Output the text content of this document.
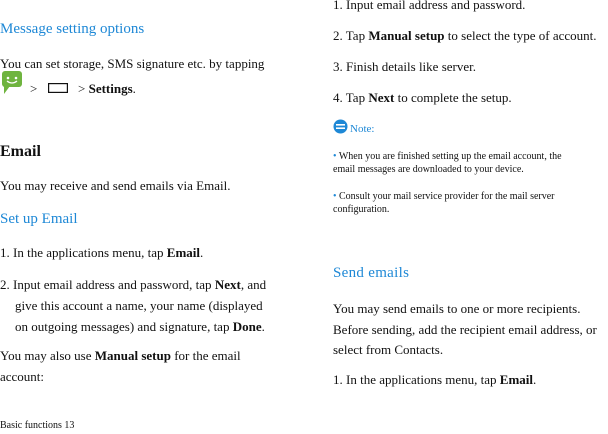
Message setting options
You can set storage, SMS signature etc. by tapping
>	> Settings.
Email
You may receive and send emails via Email.
Set up Email
1. In the applications menu, tap Email.
2. Input email address and password, tap Next, and
give this account a name, your name (displayed
on outgoing messages) and signature, tap Done.
You may also use Manual setup for the email
account:
Basic functions 13
1. Input email address and password.
2. Tap Manual setup to select the type of account.
3. Finish details like server.
4. Tap Next to complete the setup.
Note:
• When you are finished setting up the email account, the
email messages are downloaded to your device.
• Consult your mail service provider for the mail server
configuration.
Send emails
You may send emails to one or more recipients.
Before sending, add the recipient email address, or
select from Contacts.
1. In the applications menu, tap Email.
